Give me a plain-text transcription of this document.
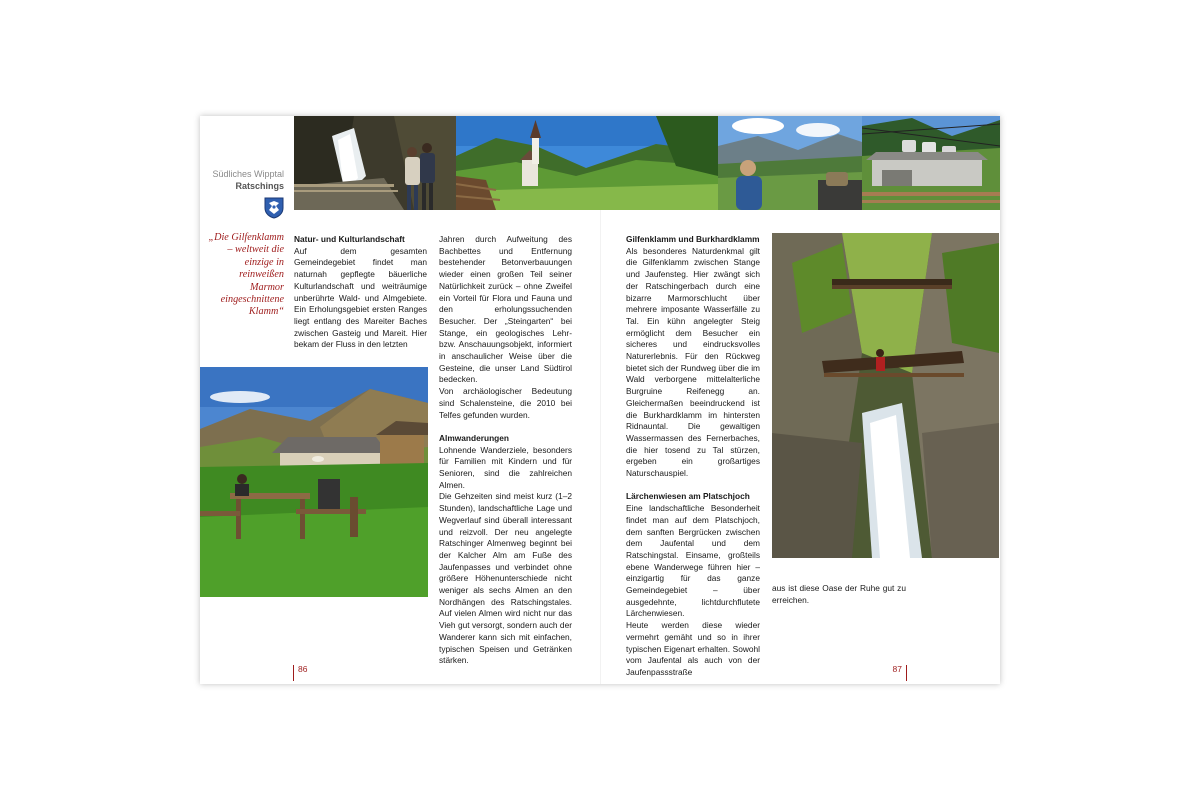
Südliches Wipptal
Ratschings
„Die Gilfenklamm – weltweit die einzige in reinweißen Marmor eingeschnittene Klamm“
Natur- und Kulturlandschaft

Auf dem gesamten Gemeindegebiet findet man naturnah gepflegte bäuerliche Kulturlandschaft und weiträumige unberührte Wald- und Almgebiete. Ein Erholungsgebiet ersten Ranges liegt entlang des Mareiter Baches zwischen Gasteig und Mareit. Hier bekam der Fluss in den letzten

Jahren durch Aufweitung des Bachbettes und Entfernung bestehender Betonverbauungen wieder einen großen Teil seiner Natürlichkeit zurück – ohne Zweifel ein Vorteil für Flora und Fauna und den erholungssuchenden Besucher. Der „Steingarten“ bei Stange, ein geologisches Lehr- bzw. Anschauungsobjekt, informiert in anschaulicher Weise über die Gesteine, die unser Land Südtirol bedecken.

Von archäologischer Bedeutung sind Schalensteine, die 2010 bei Telfes gefunden wurden.

Almwanderungen

Lohnende Wanderziele, besonders für Familien mit Kindern und für Senioren, sind die zahlreichen Almen.

Die Gehzeiten sind meist kurz (1–2 Stunden), landschaftliche Lage und Wegverlauf sind überall interessant und reizvoll. Der neu angelegte Ratschinger Almenweg beginnt bei der Kalcher Alm am Fuße des Jaufenpasses und verbindet ohne größere Höhenunterschiede nicht weniger als sechs Almen an den Nordhängen des Ratschingstales. Auf vielen Almen wird nicht nur das Vieh gut versorgt, sondern auch der Wanderer kann sich mit einfachen, typischen Speisen und Getränken stärken.

Gilfenklamm und Burkhardklamm

Als besonderes Naturdenkmal gilt die Gilfenklamm zwischen Stange und Jaufensteg. Hier zwängt sich der Ratschingerbach durch eine bizarre Marmorschlucht über mehrere imposante Wasserfälle zu Tal. Ein kühn angelegter Steig ermöglicht dem Besucher ein sicheres und eindrucksvolles Naturerlebnis. Für den Rückweg bietet sich der Rundweg über die im Wald verborgene mittelalterliche Burgruine Reifenegg an. Gleichermaßen beeindruckend ist die Burkhardklamm im hintersten Ridnauntal. Die gewaltigen Wassermassen des Fernerbaches, die hier tosend zu Tal stürzen, ergeben ein großartiges Naturschauspiel.

Lärchenwiesen am Platschjoch

Eine landschaftliche Besonderheit findet man auf dem Platschjoch, dem sanften Bergrücken zwischen dem Jaufental und dem Ratschingstal. Einsame, großteils ebene Wanderwege führen hier – einzigartig für das ganze Gemeindegebiet – über ausgedehnte, lichtdurchflutete Lärchenwiesen.

Heute werden diese wieder vermehrt gemäht und so in ihrer typischen Eigenart erhalten. Sowohl vom Jaufental als auch von der Jaufenpassstraße

aus ist diese Oase der Ruhe gut zu erreichen.

86	87
